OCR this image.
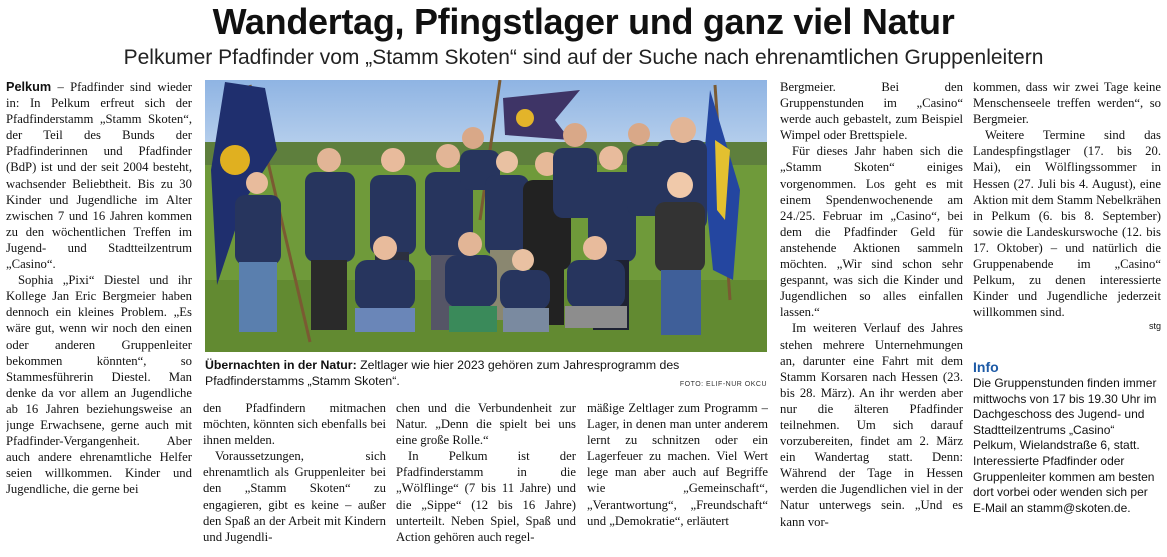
Wandertag, Pfingstlager und ganz viel Natur
Pelkumer Pfadfinder vom „Stamm Skoten“ sind auf der Suche nach ehrenamtlichen Gruppenleitern

Pelkum – Pfadfinder sind wieder in: In Pelkum erfreut sich der Pfadfinderstamm „Stamm Skoten“, der Teil des Bunds der Pfadfinderinnen und Pfadfinder (BdP) ist und der seit 2004 besteht, wachsender Beliebtheit. Bis zu 30 Kinder und Jugendliche im Alter zwischen 7 und 16 Jahren kommen zu den wöchentlichen Treffen im Jugend- und Stadtteilzentrum „Casino“.

Sophia „Pixi“ Diestel und ihr Kollege Jan Eric Bergmeier haben dennoch ein kleines Problem. „Es wäre gut, wenn wir noch den einen oder anderen Gruppenleiter bekommen könnten“, so Stammesführerin Diestel. Man denke da vor allem an Jugendliche ab 16 Jahren beziehungsweise an junge Erwachsene, gerne auch mit Pfadfinder-Vergangenheit. Aber auch andere ehrenamtliche Helfer seien willkommen. Kinder und Jugendliche, die gerne bei

Übernachten in der Natur: Zeltlager wie hier 2023 gehören zum Jahresprogramm des Pfadfinderstamms „Stamm Skoten“.	FOTO: ELIF-NUR OKCU

den Pfadfindern mitmachen möchten, könnten sich ebenfalls bei ihnen melden.

Voraussetzungen, sich ehrenamtlich als Gruppenleiter bei den „Stamm Skoten“ zu engagieren, gibt es keine – außer den Spaß an der Arbeit mit Kindern und Jugendli-

chen und die Verbundenheit zur Natur. „Denn die spielt bei uns eine große Rolle.“

In Pelkum ist der Pfadfinderstamm in die „Wölflinge“ (7 bis 11 Jahre) und die „Sippe“ (12 bis 16 Jahre) unterteilt. Neben Spiel, Spaß und Action gehören auch regel-

mäßige Zeltlager zum Programm – Lager, in denen man unter anderem lernt zu schnitzen oder ein Lagerfeuer zu machen. Viel Wert lege man aber auch auf Begriffe wie „Gemeinschaft“, „Verantwortung“, „Freundschaft“ und „Demokratie“, erläutert

Bergmeier. Bei den Gruppenstunden im „Casino“ werde auch gebastelt, zum Beispiel Wimpel oder Brettspiele.

Für dieses Jahr haben sich die „Stamm Skoten“ einiges vorgenommen. Los geht es mit einem Spendenwochenende am 24./25. Februar im „Casino“, bei dem die Pfadfinder Geld für anstehende Aktionen sammeln möchten. „Wir sind schon sehr gespannt, was sich die Kinder und Jugendlichen so alles einfallen lassen.“

Im weiteren Verlauf des Jahres stehen mehrere Unternehmungen an, darunter eine Fahrt mit dem Stamm Korsaren nach Hessen (23. bis 28. März). An ihr werden aber nur die älteren Pfadfinder teilnehmen. Um sich darauf vorzubereiten, findet am 2. März ein Wandertag statt. Denn: Während der Tage in Hessen werden die Jugendlichen viel in der Natur unterwegs sein. „Und es kann vor-

kommen, dass wir zwei Tage keine Menschenseele treffen werden“, so Bergmeier.

Weitere Termine sind das Landespfingstlager (17. bis 20. Mai), ein Wölflingssommer in Hessen (27. Juli bis 4. August), eine Aktion mit dem Stamm Nebelkrähen in Pelkum (6. bis 8. September) sowie die Landeskurswoche (12. bis 17. Oktober) – und natürlich die Gruppenabende im „Casino“ Pelkum, zu denen interessierte Kinder und Jugendliche jederzeit willkommen sind.

stg
Info
Die Gruppenstunden finden immer mittwochs von 17 bis 19.30 Uhr im Dachgeschoss des Jugend- und Stadtteilzentrums „Casino“ Pelkum, Wielandstraße 6, statt. Interessierte Pfadfinder oder Gruppenleiter kommen am besten dort vorbei oder wenden sich per E-Mail an stamm@skoten.de.
